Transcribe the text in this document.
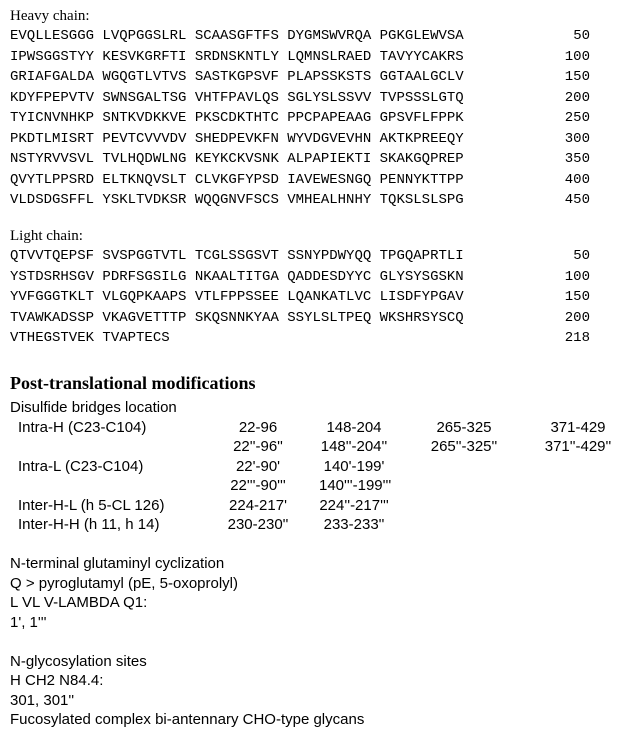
Heavy chain:
EVQLLESGGG LVQPGGSLRL SCAASGFTFS DYGMSWVRQA PGKGLEWVSA	50
IPWSGGSTYY KESVKGRFTI SRDNSKNTLY LQMNSLRAED TAVYYCAKRS	100
GRIAFGALDA WGQGTLVTVS SASTKGPSVF PLAPSSKSTS GGTAALGCLV	150
KDYFPEPVTV SWNSGALTSG VHTFPAVLQS SGLYSLSSVV TVPSSSLGTQ	200
TYICNVNHKP SNTKVDKKVE PKSCDKTHTC PPCPAPEAAG GPSVFLFPPK	250
PKDTLMISRT PEVTCVVVDV SHEDPEVKFN WYVDGVEVHN AKTKPREEQY	300
NSTYRVVSVL TVLHQDWLNG KEYKCKVSNK ALPAPIEKTI SKAKGQPREP	350
QVYTLPPSRD ELTKNQVSLT CLVKGFYPSD IAVEWESNGQ PENNYKTTPP	400
VLDSDGSFFL YSKLTVDKSR WQQGNVFSCS VMHEALHNHY TQKSLSLSPG	450
Light chain:
QTVVTQEPSF SVSPGGTVTL TCGLSSGSVT SSNYPDWYQQ TPGQAPRTLI	50
YSTDSRHSGV PDRFSGSILG NKAALTITGA QADDESDYYC GLYSYSGSKN	100
YVFGGGTKLT VLGQPKAAPS VTLFPPSSEE LQANKATLVC LISDFYPGAV	150
TVAWKADSSP VKAGVETTTP SKQSNNKYAA SSYLSLTPEQ WKSHRSYSCQ	200
VTHEGSTVEK TVAPTECS	218
Post-translational modifications
Disulfide bridges location
Intra-H (C23-C104)	22-96	148-204	265-325	371-429
22''-96''	148''-204''	265''-325''	371''-429''
Intra-L (C23-C104)	22'-90'	140'-199'
22'''-90'''	140'''-199'''
Inter-H-L (h 5-CL 126)	224-217'	224''-217'''
Inter-H-H (h 11, h 14)	230-230''	233-233''
N-terminal glutaminyl cyclization
Q > pyroglutamyl (pE, 5-oxoprolyl)
L VL V-LAMBDA Q1:
1', 1'''
N-glycosylation sites
H CH2 N84.4:
301, 301''
Fucosylated complex bi-antennary CHO-type glycans
